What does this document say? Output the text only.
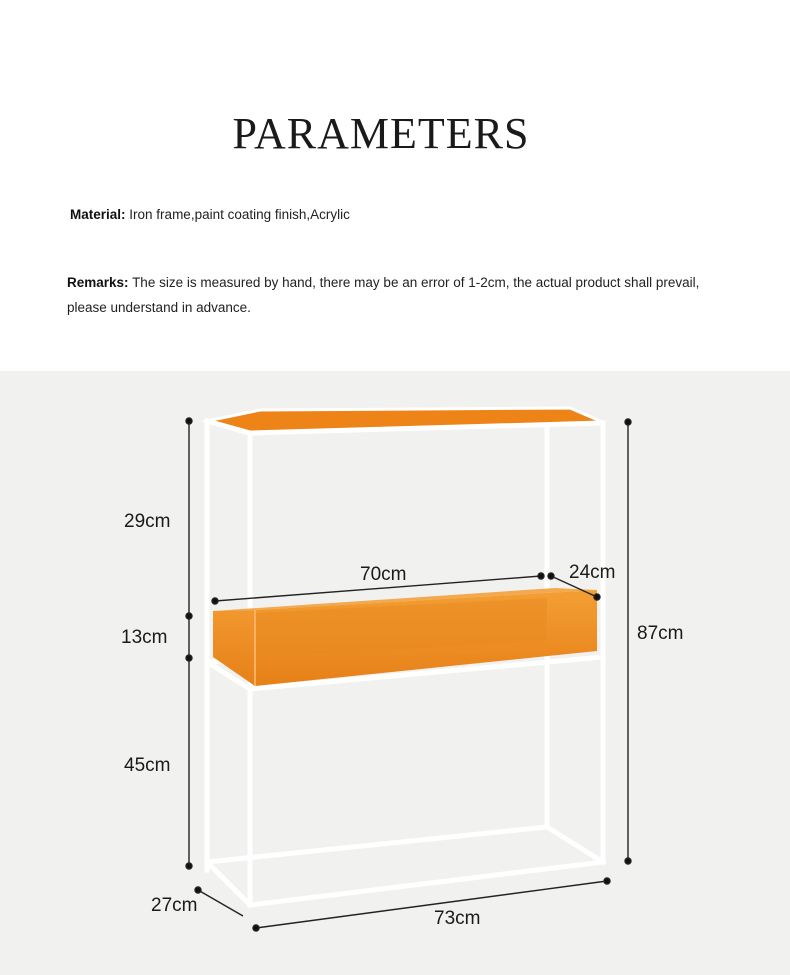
PARAMETERS
Material: Iron frame,paint coating finish,Acrylic
Remarks: The size is measured by hand, there may be an error of 1-2cm, the actual product shall prevail, please understand in advance.
29cm
13cm
45cm
87cm
70cm	24cm
27cm
73cm
